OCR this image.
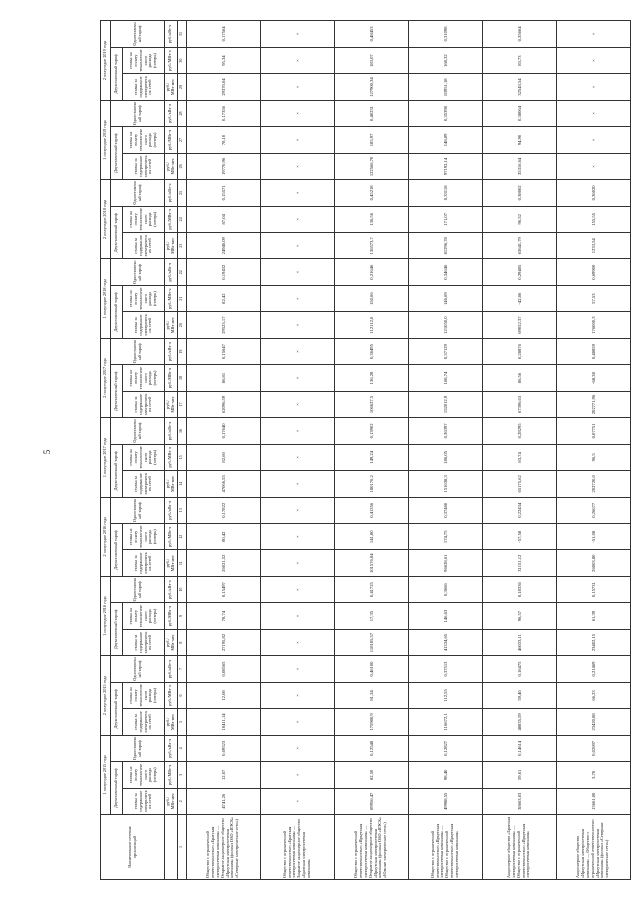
5
Наименование сетевых организаций	1 полугодие 2015 года			2 полугодие 2015 года			1 полугодие 2016 года			2 полугодие 2016 года			1 полугодие 2017 года			2 полугодие 2017 года			1 полугодие 2018 года			2 полугодие 2018 года			1 полугодие 2019 года			2 полугодие 2019 года		
	Двухставочный тариф		Одноставочный тариф	Двухставочный тариф		Одноставочный тариф	Двухставочный тариф		Одноставочный тариф	Двухставочный тариф		Одноставочный тариф	Двухставочный тариф		Одноставочный тариф	Двухставочный тариф		Одноставочный тариф	Двухставочный тариф		Одноставочный тариф	Двухставочный тариф		Одноставочный тариф	Двухставочный тариф		Одноставочный тариф	Двухставочный тариф		Одноставочный тариф
	ставка за содержание электрических сетей	ставка на оплату технологического расхода (потерь)		ставка за содержание электрических сетей	ставка на оплату технологического расхода (потерь)		ставка за содержание электрических сетей	ставка на оплату технологического расхода (потерь)		ставка за содержание электрических сетей	ставка на оплату технологического расхода (потерь)		ставка за содержание электрических сетей	ставка на оплату технологического расхода (потерь)		ставка за содержание электрических сетей	ставка на оплату технологического расхода (потерь)		ставка за содержание электрических сетей	ставка на оплату технологического расхода (потерь)		ставка за содержание электрических сетей	ставка на оплату технологического расхода (потерь)		ставка за содержание электрических сетей	ставка на оплату технологического расхода (потерь)		ставка за содержание электрических сетей	ставка на оплату технологического расхода (потерь)	
	руб./МВт·мес	руб./МВт·ч	руб./кВт·ч	руб./МВт·мес	руб./МВт·ч	руб./кВт·ч	руб./МВт·мес	руб./МВт·ч	руб./кВт·ч	руб./МВт·мес	руб./МВт·ч	руб./кВт·ч	руб./МВт·мес	руб./МВт·ч	руб./кВт·ч	руб./МВт·мес	руб./МВт·ч	руб./кВт·ч	руб./МВт·мес	руб./МВт·ч	руб./кВт·ч	руб./МВт·мес	руб./МВт·ч	руб./кВт·ч	руб./МВт·мес	руб./МВт·ч	руб./кВт·ч	руб./МВт·мес	руб./МВт·ч	руб./кВт·ч
1	2	3	4	5	6	7	8	9	10	11	12	13	14	15	16	17	18	19	20	21	22	23	24	25	26	27	28	29	30	31
Общество с ограниченной ответственностью «Братская электросетевая компания» — Открытое акционерное общество «Иркутская электросетевая компания» (филиал ОАО «ИЭСК» «Северные электрические сети»)	4741,26	12,07	0,69523	10411,14	12,08	0,08565	27195,82	78,74	0,15497	26021,52	80,42	0,17822	47066,55	82,60	0,17640	62096,59	86,81	0,15647	29525,17	82,42	0,19432	24940,09	87,04	0,15571	19770,96	78,10	0,17356	29370,04	95,34	0,17564
Общество с ограниченной ответственностью «Братская электросетевая компания» — Закрытое акционерное общество «Братская электросетевая компания»	×	×	×	×	×	×	×	×	×	×	×	×	×	×	×	×	×	×	×	×	×	×	×	×	×	×	×	×	×	×
Общество с ограниченной ответственностью «Иркутская электросетевая компания» — Открытое акционерное общество «Иркутская электросетевая компания» (филиал ОАО «ИЭСК» «Южные электрические сети»)	89956,47	82,50	0,12548	175980,9	81,34	0,46100	118185,57	17,35	0,41725	101576,84	141,80	0,41356	180176,2	149,24	0,13902	106627,5	136,28	0,36495	112112,0	150,66	0,21646	136573,7	136,56	0,45218	122566,70	185,97	0,40231	127900,34	183,07	0,48453
Общество с ограниченной ответственностью «Иркутская электросетевая компания» — Общество с ограниченной ответственностью «Иркутская электросетевая компания»	49988,55	98,40	0,12827	116672,1	112,55	0,37513	41334,65	146,63	0,3666	96628,61	174,75	0,37460	151638,3	186,05	0,36397	152012,9	168,74	0,37129	121050,0	146,69	0,34646	81296,78	171,07	0,33118	97192,14	148,89	0,35398	83951,18	168,32	0,31098
Акционерное общество «Братская электросетевая компания» — Общество с ограниченной ответственностью «Иркутская электросетевая компания»	38663,03	59,61	0,14614	48835,59	59,46	0,16475	46033,11	96,57	0,18336	31151,12	-57,58	0,22434	65175,62	83,74	0,28295	67396,63	86,56	0,28876	69052,37	-42,86	0,29485	63641,79	96,52	0,38002	35316,64	94,90	0,38064	32543,54	83,73	0,35664
Акционерное общество «Иркутская электросетевая компания» — Общество с ограниченной ответственностью «Иркутская электросетевая компания» (филиал «Северные электрические сети»)	13661,00	3,70	0,02697	23420,88	66,23	0,21469	23402,15	61,39	0,15731	26003,80	-51,08	0,26677	202720,0	96,5	0,07751	202771,96	-68,38	0,48859	176000,3	57,53	0,69900	1233,54	155,55	0,36020	×	×	×	×	×	×
